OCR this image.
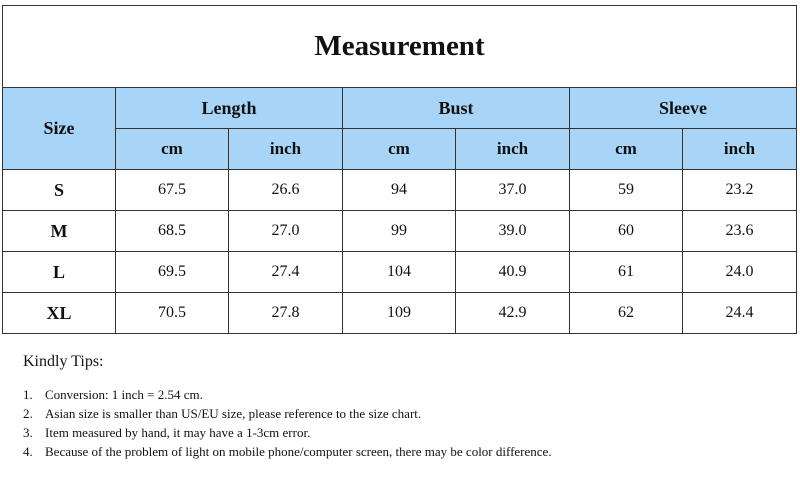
Measurement						
Size	Length		Bust		Sleeve	
	cm	inch	cm	inch	cm	inch
S	67.5	26.6	94	37.0	59	23.2
M	68.5	27.0	99	39.0	60	23.6
L	69.5	27.4	104	40.9	61	24.0
XL	70.5	27.8	109	42.9	62	24.4

Kindly Tips:

1. Conversion: 1 inch = 2.54 cm.
2. Asian size is smaller than US/EU size, please reference to the size chart.
3. Item measured by hand, it may have a 1-3cm error.
4. Because of the problem of light on mobile phone/computer screen, there may be color difference.
